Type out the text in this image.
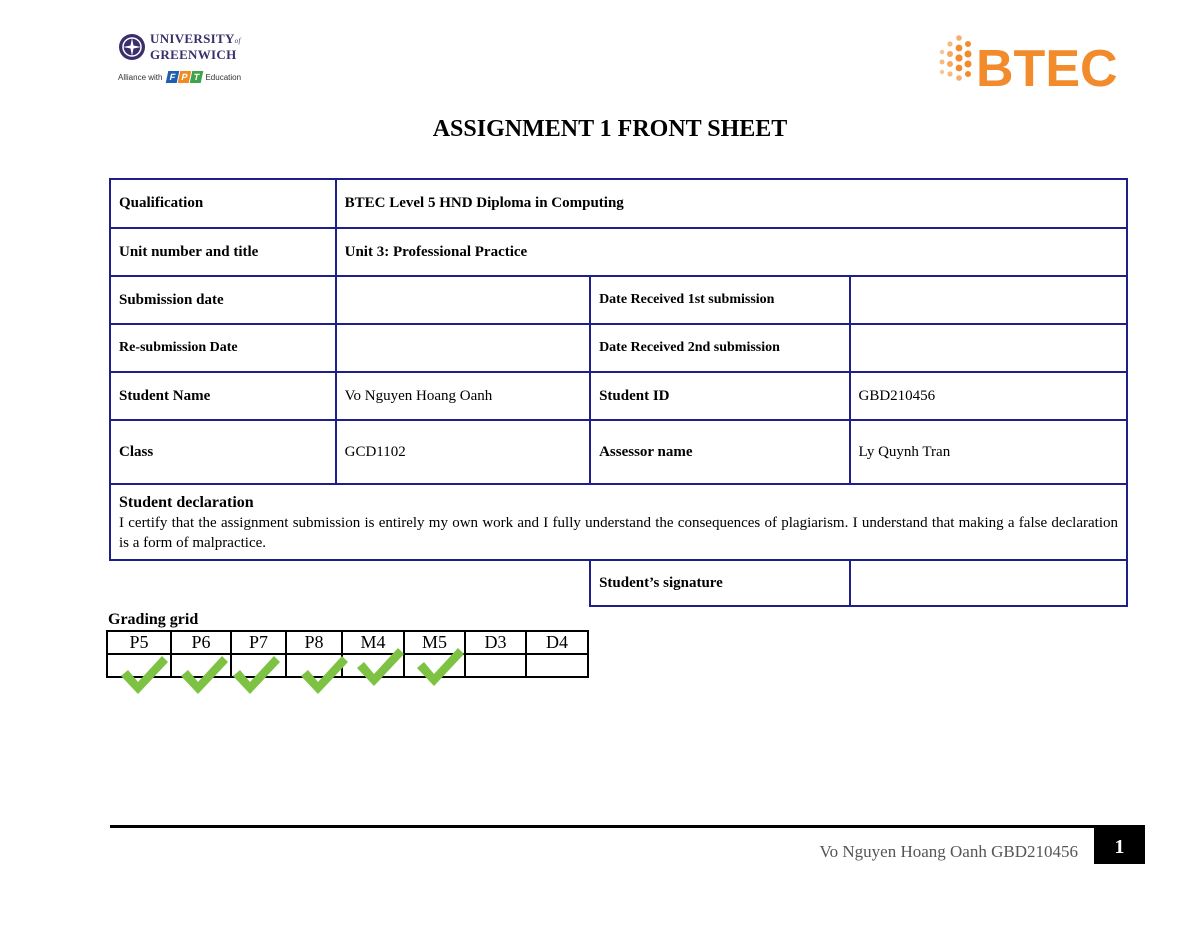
UNIVERSITYof
GREENWICH
Alliance with F P T Education	BTEC
ASSIGNMENT 1 FRONT SHEET
Qualification	BTEC Level 5 HND Diploma in Computing		
Unit number and title	Unit 3: Professional Practice		
Submission date		Date Received 1st submission	
Re-submission Date		Date Received 2nd submission	
Student Name	Vo Nguyen Hoang Oanh	Student ID	GBD210456
Class	GCD1102	Assessor name	Ly Quynh Tran

Student declaration
I certify that the assignment submission is entirely my own work and I fully understand the consequences of plagiarism. I understand that making a false declaration is a form of malpractice.			

		Student’s signature	
Grading grid
P5	P6	P7	P8	M4	M5	D3	D4

Vo Nguyen Hoang Oanh GBD210456	1
